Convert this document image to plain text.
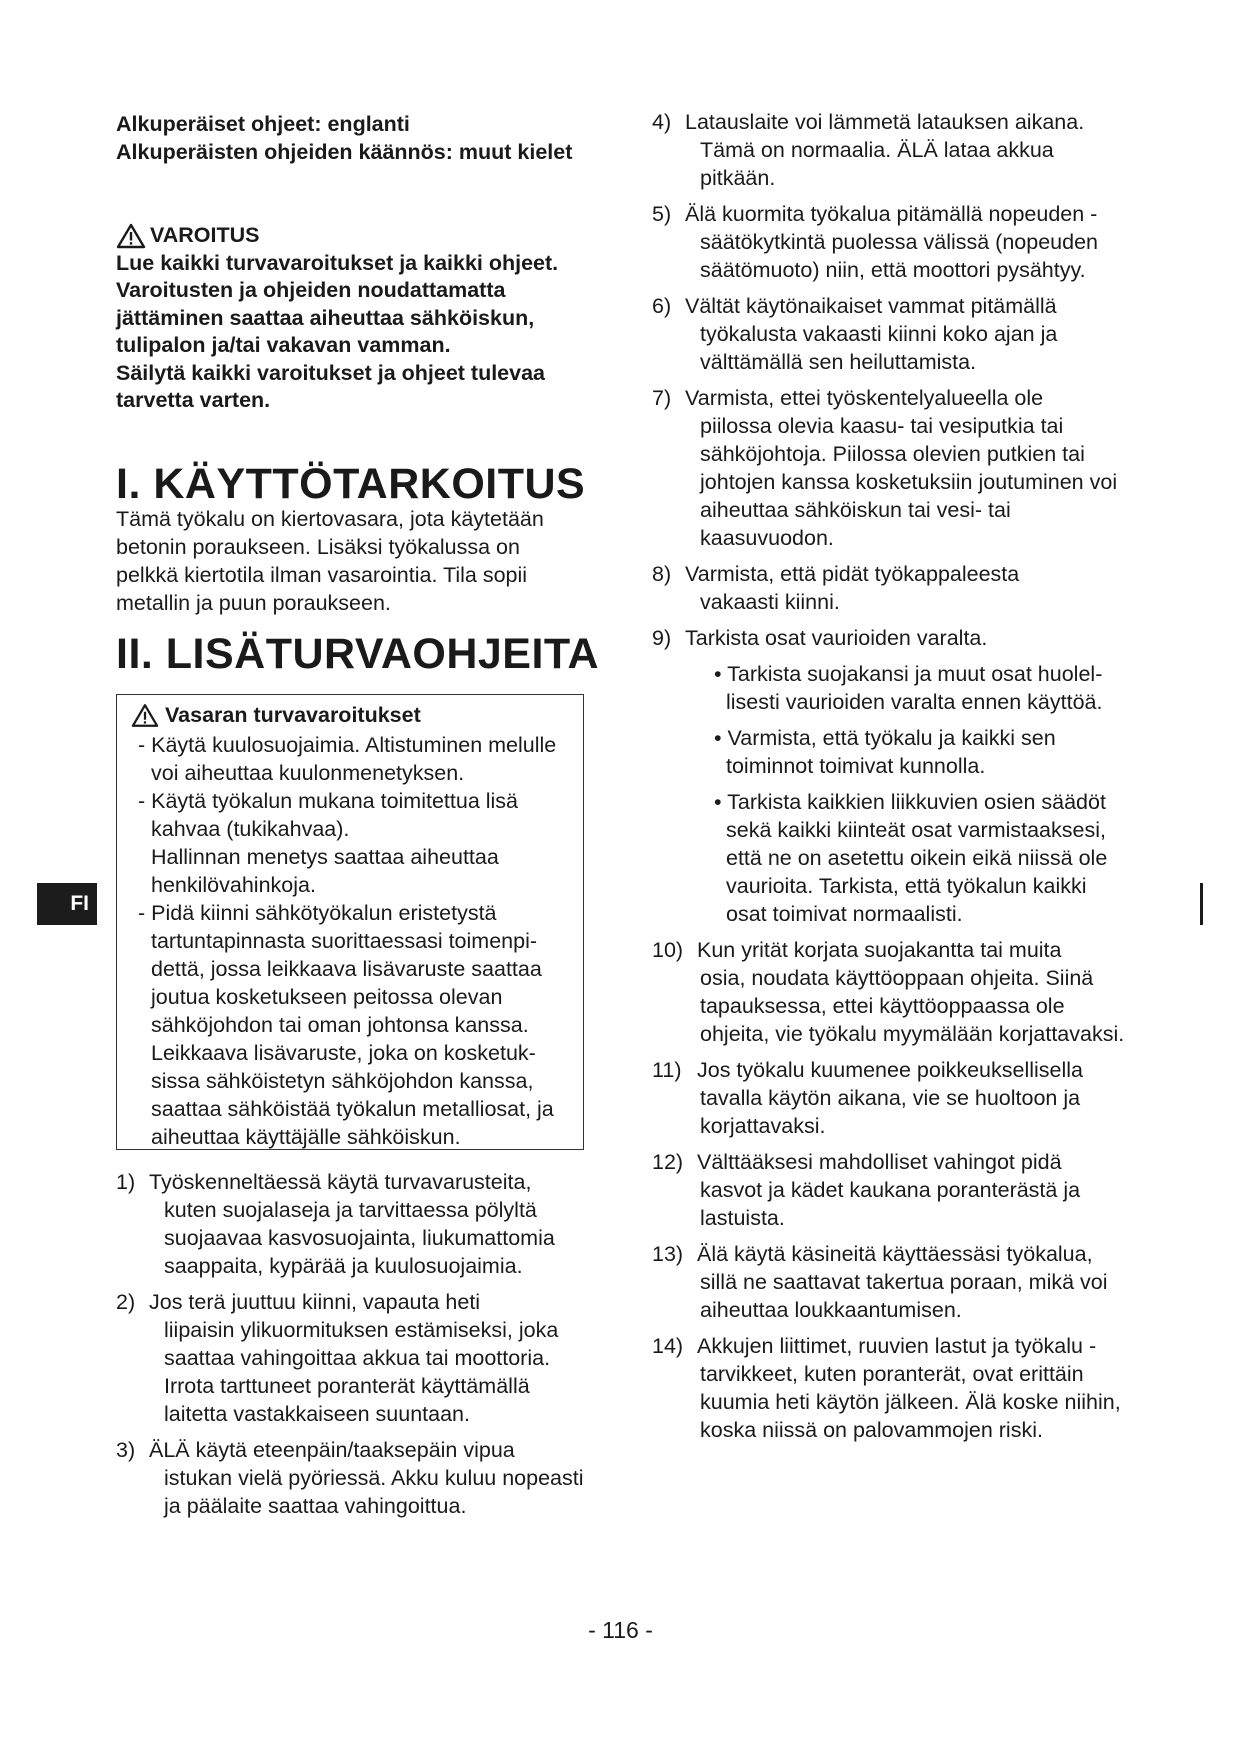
FI
Alkuperäiset ohjeet: englanti
Alkuperäisten ohjeiden käännös: muut kielet
VAROITUS
Lue kaikki turvavaroitukset ja kaikki ohjeet. Varoitusten ja ohjeiden noudattamatta jättäminen saattaa aiheuttaa sähköiskun, tulipalon ja/tai vakavan vamman.
Säilytä kaikki varoitukset ja ohjeet tulevaa tarvetta varten.
I. KÄYTTÖTARKOITUS
Tämä työkalu on kiertovasara, jota käytetään betonin poraukseen. Lisäksi työkalussa on pelkkä kiertotila ilman vasarointia. Tila sopii metallin ja puun poraukseen.
II. LISÄTURVAOHJEITA
Vasaran turvavaroitukset

- Käytä kuulosuojaimia. Altistuminen melulle voi aiheuttaa kuulonmenetyksen.

- Käytä työkalun mukana toimitettua lisä kahvaa (tukikahvaa).
Hallinnan menetys saattaa aiheuttaa henkilövahinkoja.

- Pidä kiinni sähkötyökalun eristetystä tartuntapinnasta suorittaessasi toimenpidettä, jossa leikkaava lisävaruste saattaa joutua kosketukseen peitossa olevan sähköjohdon tai oman johtonsa kanssa.
Leikkaava lisävaruste, joka on kosketuksissa sähköistetyn sähköjohdon kanssa, saattaa sähköistää työkalun metalliosat, ja aiheuttaa käyttäjälle sähköiskun.

1) Työskenneltäessä käytä turvavarusteita,
kuten suojalaseja ja tarvittaessa pölyltä suojaavaa kasvosuojainta, liukumattomia saappaita, kypärää ja kuulosuojaimia.
2) Jos terä juuttuu kiinni, vapauta heti
liipaisin ylikuormituksen estämiseksi, joka saattaa vahingoittaa akkua tai moottoria. Irrota tarttuneet poranterät käyttämällä laitetta vastakkaiseen suuntaan.
3) ÄLÄ käytä eteenpäin/taaksepäin vipua
istukan vielä pyöriessä. Akku kuluu nopeasti ja päälaite saattaa vahingoittua.
4) Latauslaite voi lämmetä latauksen aikana.
Tämä on normaalia. ÄLÄ lataa akkua pitkään.
5) Älä kuormita työkalua pitämällä nopeuden -
säätökytkintä puolessa välissä (nopeuden säätömuoto) niin, että moottori pysähtyy.
6) Vältät käytönaikaiset vammat pitämällä
työkalusta vakaasti kiinni koko ajan ja välttämällä sen heiluttamista.
7) Varmista, ettei työskentelyalueella ole
piilossa olevia kaasu- tai vesiputkia tai sähköjohtoja. Piilossa olevien putkien tai johtojen kanssa kosketuksiin joutuminen voi aiheuttaa sähköiskun tai vesi- tai kaasuvuodon.
8) Varmista, että pidät työkappaleesta
vakaasti kiinni.
9) Tarkista osat vaurioiden varalta.
• Tarkista suojakansi ja muut osat huolellisesti vaurioiden varalta ennen käyttöä.
• Varmista, että työkalu ja kaikki sen toiminnot toimivat kunnolla.
• Tarkista kaikkien liikkuvien osien säädöt sekä kaikki kiinteät osat varmistaaksesi, että ne on asetettu oikein eikä niissä ole vaurioita. Tarkista, että työkalun kaikki osat toimivat normaalisti.
10) Kun yrität korjata suojakantta tai muita
osia, noudata käyttöoppaan ohjeita. Siinä tapauksessa, ettei käyttöoppaassa ole ohjeita, vie työkalu myymälään korjattavaksi.
11) Jos työkalu kuumenee poikkeuksellisella
tavalla käytön aikana, vie se huoltoon ja korjattavaksi.
12) Välttääksesi mahdolliset vahingot pidä
kasvot ja kädet kaukana poranterästä ja lastuista.
13) Älä käytä käsineitä käyttäessäsi työkalua,
sillä ne saattavat takertua poraan, mikä voi aiheuttaa loukkaantumisen.
14) Akkujen liittimet, ruuvien lastut ja työkalu -
tarvikkeet, kuten poranterät, ovat erittäin kuumia heti käytön jälkeen. Älä koske niihin, koska niissä on palovammojen riski.
- 116 -
